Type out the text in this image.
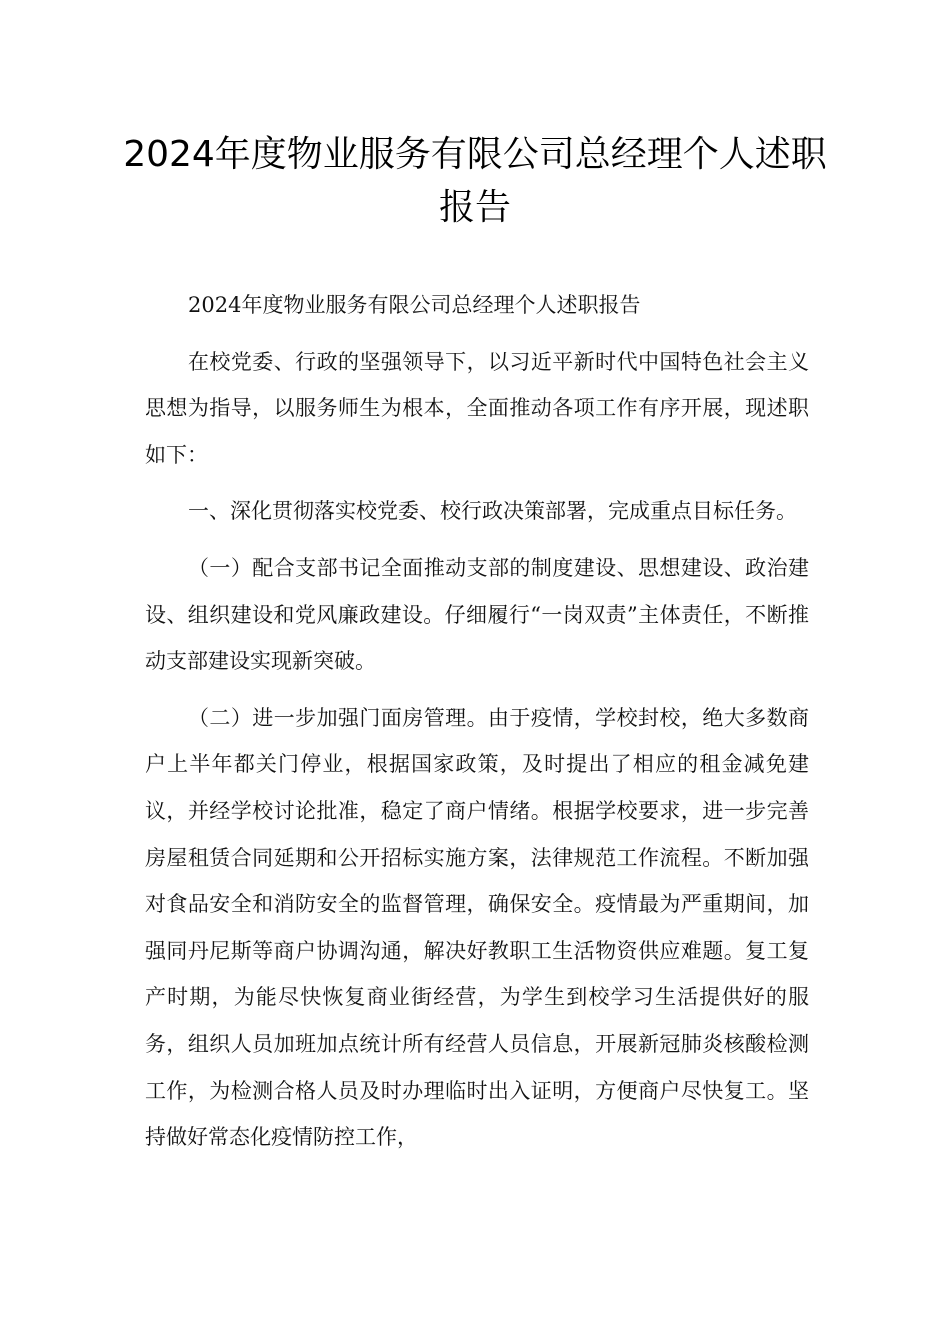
2024年度物业服务有限公司总经理个人述职报告

2024年度物业服务有限公司总经理个人述职报告

在校党委、行政的坚强领导下，以习近平新时代中国特色社会主义思想为指导，以服务师生为根本，全面推动各项工作有序开展，现述职如下：

一、深化贯彻落实校党委、校行政决策部署，完成重点目标任务。

（一）配合支部书记全面推动支部的制度建设、思想建设、政治建设、组织建设和党风廉政建设。仔细履行“一岗双责”主体责任，不断推动支部建设实现新突破。

（二）进一步加强门面房管理。由于疫情，学校封校，绝大多数商户上半年都关门停业，根据国家政策，及时提出了相应的租金减免建议，并经学校讨论批准，稳定了商户情绪。根据学校要求，进一步完善房屋租赁合同延期和公开招标实施方案，法律规范工作流程。不断加强对食品安全和消防安全的监督管理，确保安全。疫情最为严重期间，加强同丹尼斯等商户协调沟通，解决好教职工生活物资供应难题。复工复产时期，为能尽快恢复商业街经营，为学生到校学习生活提供好的服务，组织人员加班加点统计所有经营人员信息，开展新冠肺炎核酸检测工作，为检测合格人员及时办理临时出入证明，方便商户尽快复工。坚持做好常态化疫情防控工作，
